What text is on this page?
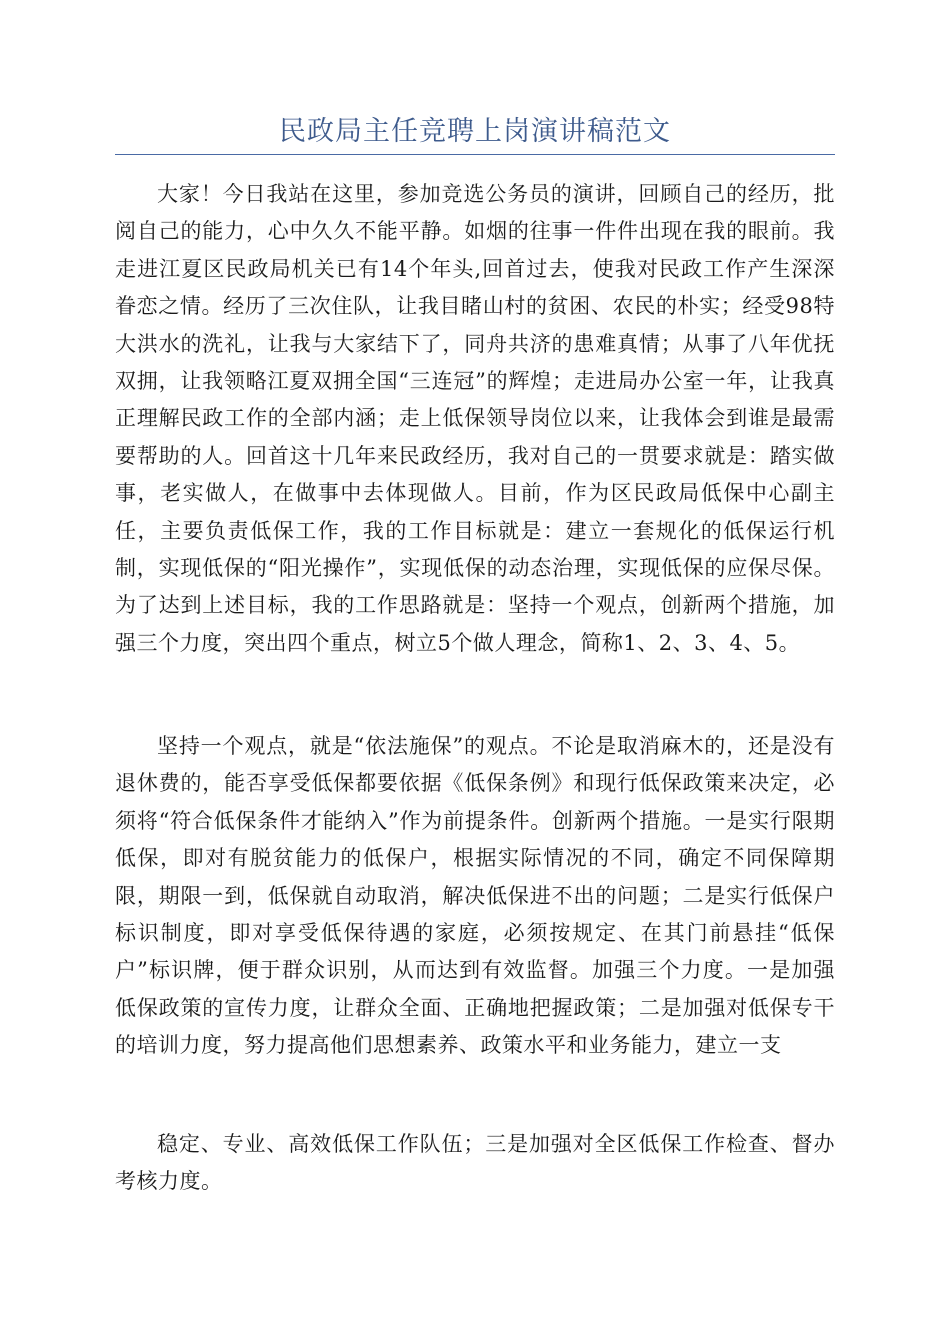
民政局主任竞聘上岗演讲稿范文

大家！今日我站在这里，参加竞选公务员的演讲，回顾自己的经历，批阅自己的能力，心中久久不能平静。如烟的往事一件件出现在我的眼前。我走进江夏区民政局机关已有14个年头,回首过去，使我对民政工作产生深深眷恋之情。经历了三次住队，让我目睹山村的贫困、农民的朴实；经受98特大洪水的洗礼，让我与大家结下了，同舟共济的患难真情；从事了八年优抚双拥，让我领略江夏双拥全国“三连冠”的辉煌；走进局办公室一年，让我真正理解民政工作的全部内涵；走上低保领导岗位以来，让我体会到谁是最需要帮助的人。回首这十几年来民政经历，我对自己的一贯要求就是：踏实做事，老实做人，在做事中去体现做人。目前，作为区民政局低保中心副主任，主要负责低保工作，我的工作目标就是：建立一套规化的低保运行机制，实现低保的“阳光操作”，实现低保的动态治理，实现低保的应保尽保。为了达到上述目标，我的工作思路就是：坚持一个观点，创新两个措施，加强三个力度，突出四个重点，树立5个做人理念，简称1、2、3、4、5。

坚持一个观点，就是“依法施保”的观点。不论是取消麻木的，还是没有退休费的，能否享受低保都要依据《低保条例》和现行低保政策来决定，必须将“符合低保条件才能纳入”作为前提条件。创新两个措施。一是实行限期低保，即对有脱贫能力的低保户，根据实际情况的不同，确定不同保障期限，期限一到，低保就自动取消，解决低保进不出的问题；二是实行低保户标识制度，即对享受低保待遇的家庭，必须按规定、在其门前悬挂“低保户”标识牌，便于群众识别，从而达到有效监督。加强三个力度。一是加强低保政策的宣传力度，让群众全面、正确地把握政策；二是加强对低保专干的培训力度，努力提高他们思想素养、政策水平和业务能力，建立一支

稳定、专业、高效低保工作队伍；三是加强对全区低保工作检查、督办考核力度。
